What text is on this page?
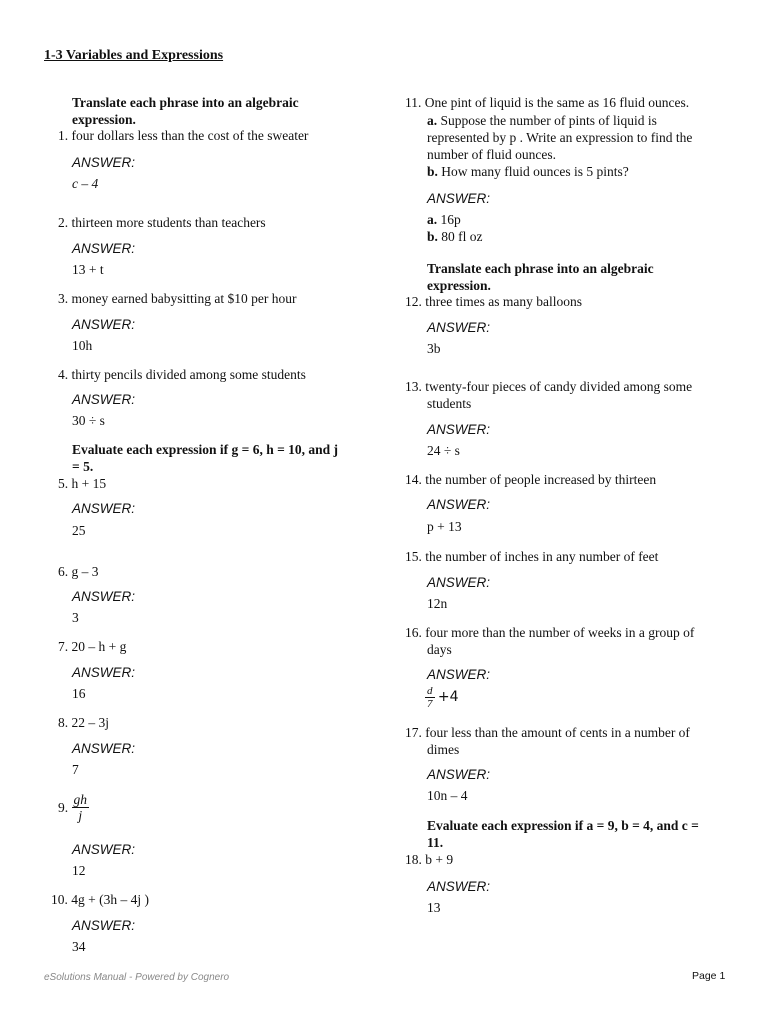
1-3 Variables and Expressions
Translate each phrase into an algebraic
expression.
1. four dollars less than the cost of the sweater
ANSWER:
c – 4
2. thirteen more students than teachers
ANSWER:
13 + t
3. money earned babysitting at $10 per hour
ANSWER:
10h
4. thirty pencils divided among some students
ANSWER:
30 ÷ s
Evaluate each expression if g = 6, h = 10, and j
= 5.
5. h + 15
ANSWER:
25
6. g – 3
ANSWER:
3
7. 20 – h + g
ANSWER:
16
8. 22 – 3j
ANSWER:
7
9. $\frac{gh}{j}$
ANSWER:
12
10. 4g + (3h – 4j )
ANSWER:
34
11. One pint of liquid is the same as 16 fluid ounces.
a. Suppose the number of pints of liquid is
represented by p . Write an expression to find the
number of fluid ounces.
b. How many fluid ounces is 5 pints?
ANSWER:
a. 16p
b. 80 fl oz
Translate each phrase into an algebraic
expression.
12. three times as many balloons
ANSWER:
3b
13. twenty-four pieces of candy divided among some
students
ANSWER:
24 ÷ s
14. the number of people increased by thirteen
ANSWER:
p + 13
15. the number of inches in any number of feet
ANSWER:
12n
16. four more than the number of weeks in a group of
days
ANSWER:
$\frac{d}{7} +4$
17. four less than the amount of cents in a number of
dimes
ANSWER:
10n – 4
Evaluate each expression if a = 9, b = 4, and c =
11.
18. b + 9
ANSWER:
13
eSolutions Manual - Powered by Cognero	Page 1
